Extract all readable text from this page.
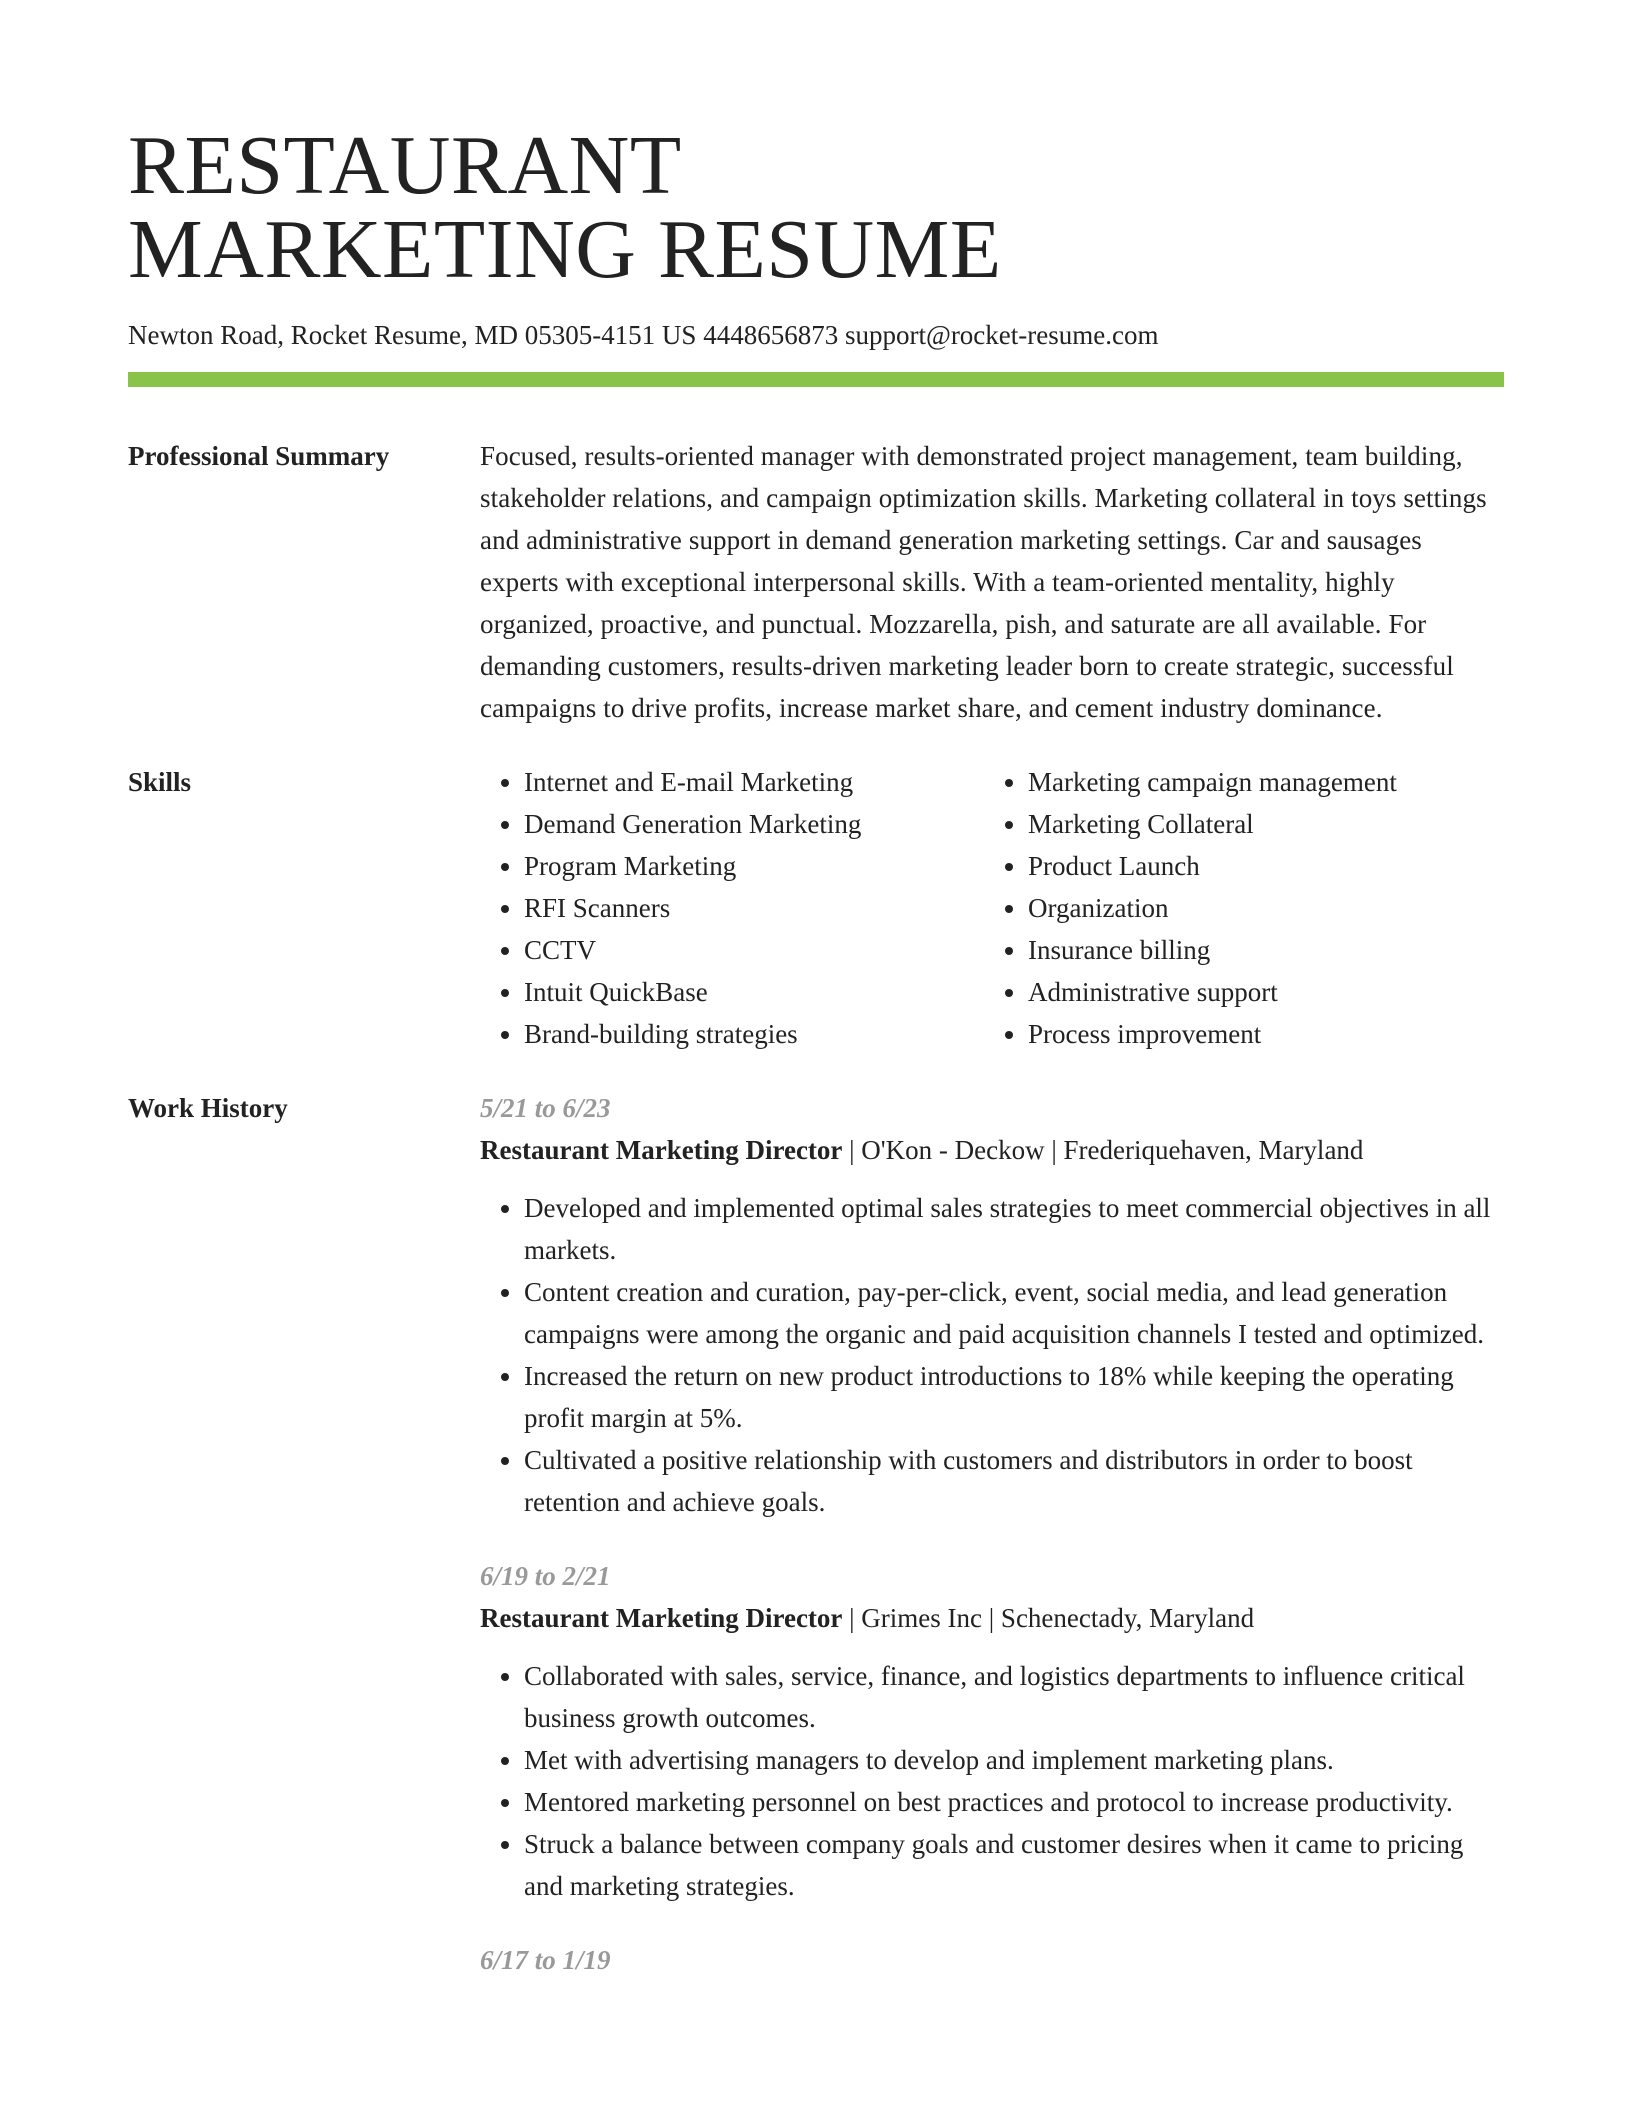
RESTAURANT
MARKETING RESUME
Newton Road, Rocket Resume, MD 05305-4151 US 4448656873 support@rocket-resume.com
Professional Summary	Focused, results-oriented manager with demonstrated project management, team building, stakeholder relations, and campaign optimization skills. Marketing collateral in toys settings and administrative support in demand generation marketing settings. Car and sausages experts with exceptional interpersonal skills. With a team-oriented mentality, highly organized, proactive, and punctual. Mozzarella, pish, and saturate are all available. For demanding customers, results-driven marketing leader born to create strategic, successful campaigns to drive profits, increase market share, and cement industry dominance.

Skills
•	Internet and E-mail Marketing
• Demand Generation Marketing
• Program Marketing
• RFI Scanners
• CCTV
• Intuit QuickBase
• Brand-building strategies
• Marketing campaign management
• Marketing Collateral
• Product Launch
• Organization
• Insurance billing
• Administrative support
• Process improvement
Work History	5/21 to 6/23
Restaurant Marketing Director | O'Kon - Deckow | Frederiquehaven, Maryland
• Developed and implemented optimal sales strategies to meet commercial objectives in all markets.
• Content creation and curation, pay-per-click, event, social media, and lead generation campaigns were among the organic and paid acquisition channels I tested and optimized.
• Increased the return on new product introductions to 18% while keeping the operating profit margin at 5%.
• Cultivated a positive relationship with customers and distributors in order to boost retention and achieve goals.
6/19 to 2/21
Restaurant Marketing Director | Grimes Inc | Schenectady, Maryland
• Collaborated with sales, service, finance, and logistics departments to influence critical business growth outcomes.
• Met with advertising managers to develop and implement marketing plans.
• Mentored marketing personnel on best practices and protocol to increase productivity.
• Struck a balance between company goals and customer desires when it came to pricing and marketing strategies.
6/17 to 1/19
